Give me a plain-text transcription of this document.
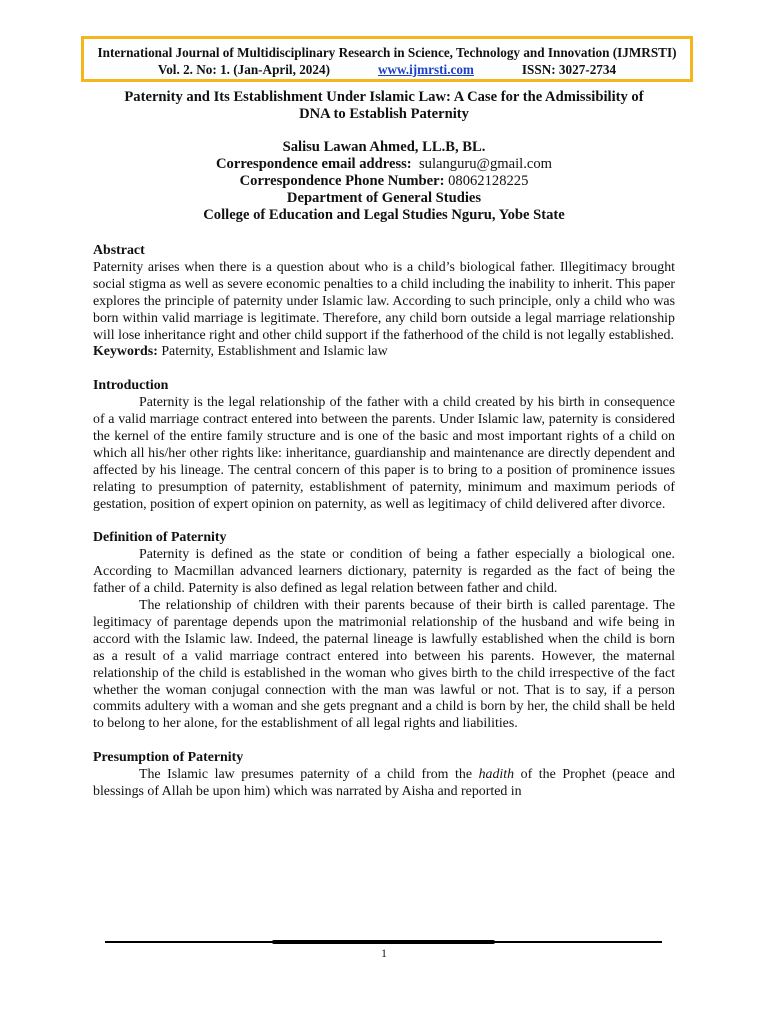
International Journal of Multidisciplinary Research in Science, Technology and Innovation (IJMRSTI)
Vol. 2. No: 1. (Jan-April, 2024)	www.ijmrsti.com	ISSN: 3027-2734
Paternity and Its Establishment Under Islamic Law: A Case for the Admissibility of
DNA to Establish Paternity
Salisu Lawan Ahmed, LL.B, BL.
Correspondence email address: sulanguru@gmail.com
Correspondence Phone Number: 08062128225
Department of General Studies
College of Education and Legal Studies Nguru, Yobe State
Abstract

Paternity arises when there is a question about who is a child’s biological father. Illegitimacy brought social stigma as well as severe economic penalties to a child including the inability to inherit. This paper explores the principle of paternity under Islamic law. According to such principle, only a child who was born within valid marriage is legitimate. Therefore, any child born outside a legal marriage relationship will lose inheritance right and other child support if the fatherhood of the child is not legally established.

Keywords: Paternity, Establishment and Islamic law

Introduction

Paternity is the legal relationship of the father with a child created by his birth in consequence of a valid marriage contract entered into between the parents. Under Islamic law, paternity is considered the kernel of the entire family structure and is one of the basic and most important rights of a child on which all his/her other rights like: inheritance, guardianship and maintenance are directly dependent and affected by his lineage. The central concern of this paper is to bring to a position of prominence issues relating to presumption of paternity, establishment of paternity, minimum and maximum periods of gestation, position of expert opinion on paternity, as well as legitimacy of child delivered after divorce.

Definition of Paternity

Paternity is defined as the state or condition of being a father especially a biological one. According to Macmillan advanced learners dictionary, paternity is regarded as the fact of being the father of a child. Paternity is also defined as legal relation between father and child.

The relationship of children with their parents because of their birth is called parentage. The legitimacy of parentage depends upon the matrimonial relationship of the husband and wife being in accord with the Islamic law. Indeed, the paternal lineage is lawfully established when the child is born as a result of a valid marriage contract entered into between his parents. However, the maternal relationship of the child is established in the woman who gives birth to the child irrespective of the fact whether the woman conjugal connection with the man was lawful or not. That is to say, if a person commits adultery with a woman and she gets pregnant and a child is born by her, the child shall be held to belong to her alone, for the establishment of all legal rights and liabilities.

Presumption of Paternity

The Islamic law presumes paternity of a child from the hadith of the Prophet (peace and blessings of Allah be upon him) which was narrated by Aisha and reported in

1
